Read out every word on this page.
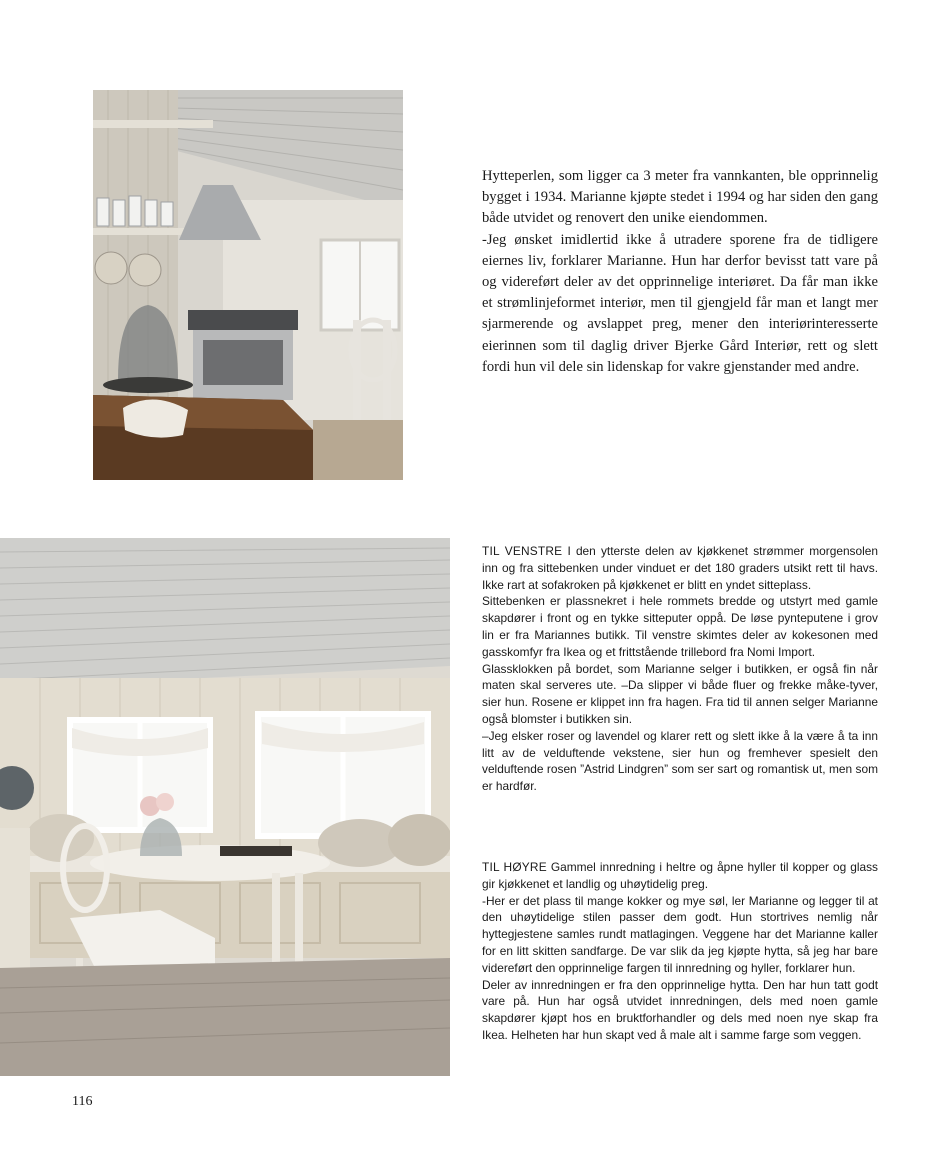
Hytteperlen, som ligger ca 3 meter fra vannkanten, ble opprinnelig bygget i 1934. Marianne kjøpte stedet i 1994 og har siden den gang både utvidet og renovert den unike eiendommen.

-Jeg ønsket imidlertid ikke å utradere sporene fra de tidligere eiernes liv, forklarer Marianne. Hun har derfor bevisst tatt vare på og videreført deler av det opprinnelige interiøret. Da får man ikke et strømlinjeformet interiør, men til gjengjeld får man et langt mer sjarmerende og avslappet preg, mener den interiørinteresserte eierinnen som til daglig driver Bjerke Gård Interiør, rett og slett fordi hun vil dele sin lidenskap for vakre gjenstander med andre.

TIL VENSTRE I den ytterste delen av kjøkkenet strømmer morgensolen inn og fra sittebenken under vinduet er det 180 graders utsikt rett til havs. Ikke rart at sofakroken på kjøkkenet er blitt en yndet sitteplass.

Sittebenken er plassnekret i hele rommets bredde og utstyrt med gamle skapdører i front og en tykke sitteputer oppå. De løse pynteputene i grov lin er fra Mariannes butikk. Til venstre skimtes deler av kokesonen med gasskomfyr fra Ikea og et frittstående trillebord fra Nomi Import.

Glassklokken på bordet, som Marianne selger i butikken, er også fin når maten skal serveres ute. –Da slipper vi både fluer og frekke måke-tyver, sier hun. Rosene er klippet inn fra hagen. Fra tid til annen selger Marianne også blomster i butikken sin.

–Jeg elsker roser og lavendel og klarer rett og slett ikke å la være å ta inn litt av de velduftende vekstene, sier hun og fremhever spesielt den velduftende rosen ”Astrid Lindgren” som ser sart og romantisk ut, men som er hardfør.

TIL HØYRE Gammel innredning i heltre og åpne hyller til kopper og glass gir kjøkkenet et landlig og uhøytidelig preg.

-Her er det plass til mange kokker og mye søl, ler Marianne og legger til at den uhøytidelige stilen passer dem godt. Hun stortrives nemlig når hyttegjestene samles rundt matlagingen. Veggene har det Marianne kaller for en litt skitten sandfarge. De var slik da jeg kjøpte hytta, så jeg har bare videreført den opprinnelige fargen til innredning og hyller, forklarer hun.

Deler av innredningen er fra den opprinnelige hytta. Den har hun tatt godt vare på. Hun har også utvidet innredningen, dels med noen gamle skapdører kjøpt hos en bruktforhandler og dels med noen nye skap fra Ikea. Helheten har hun skapt ved å male alt i samme farge som veggen.

116
